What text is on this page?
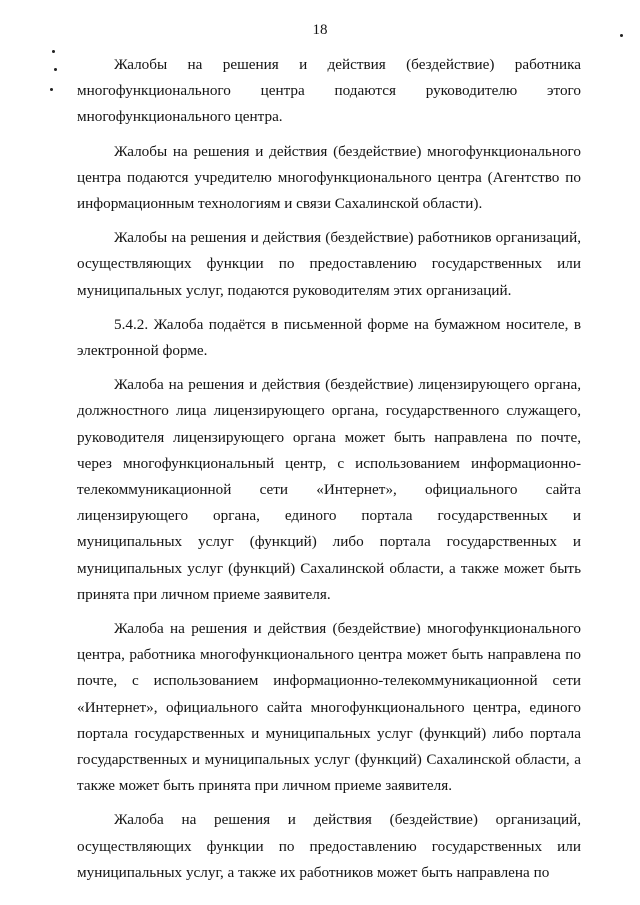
18

Жалобы на решения и действия (бездействие) работника многофункционального центра подаются руководителю этого многофункционального центра.

Жалобы на решения и действия (бездействие) многофункционального центра подаются учредителю многофункционального центра (Агентство по информационным технологиям и связи Сахалинской области).

Жалобы на решения и действия (бездействие) работников организаций, осуществляющих функции по предоставлению государственных или муниципальных услуг, подаются руководителям этих организаций.

5.4.2. Жалоба подаётся в письменной форме на бумажном носителе, в электронной форме.

Жалоба на решения и действия (бездействие) лицензирующего органа, должностного лица лицензирующего органа, государственного служащего, руководителя лицензирующего органа может быть направлена по почте, через многофункциональный центр, с использованием информационно-телекоммуникационной сети «Интернет», официального сайта лицензирующего органа, единого портала государственных и муниципальных услуг (функций) либо портала государственных и муниципальных услуг (функций) Сахалинской области, а также может быть принята при личном приеме заявителя.

Жалоба на решения и действия (бездействие) многофункционального центра, работника многофункционального центра может быть направлена по почте, с использованием информационно-телекоммуникационной сети «Интернет», официального сайта многофункционального центра, единого портала государственных и муниципальных услуг (функций) либо портала государственных и муниципальных услуг (функций) Сахалинской области, а также может быть принята при личном приеме заявителя.

Жалоба на решения и действия (бездействие) организаций, осуществляющих функции по предоставлению государственных или муниципальных услуг, а также их работников может быть направлена по
